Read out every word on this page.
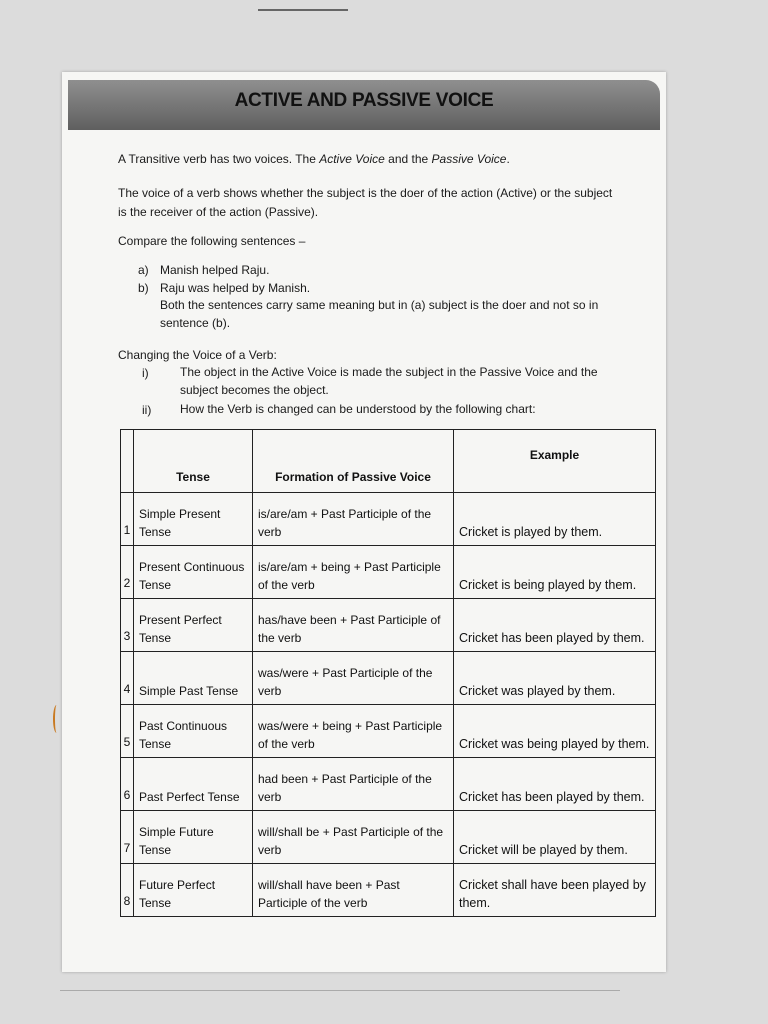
ACTIVE AND PASSIVE VOICE
A Transitive verb has two voices. The Active Voice and the Passive Voice.
The voice of a verb shows whether the subject is the doer of the action (Active) or the subject
is the receiver of the action (Passive).
Compare the following sentences –
a) Manish helped Raju.
b) Raju was helped by Manish.
Both the sentences carry same meaning but in (a) subject is the doer and not so in
sentence (b).
Changing the Voice of a Verb:
i)	The object in the Active Voice is made the subject in the Passive Voice and the
subject becomes the object.
ii) How the Verb is changed can be understood by the following chart:
	Tense	Formation of Passive Voice	Example
1	Simple Present Tense	is/are/am + Past Participle of the verb	Cricket is played by them.
2	Present Continuous Tense	is/are/am + being + Past Participle of the verb	Cricket is being played by them.
3	Present Perfect Tense	has/have been + Past Participle of the verb	Cricket has been played by them.
4	Simple Past Tense	was/were + Past Participle of the verb	Cricket was played by them.
5	Past Continuous Tense	was/were + being + Past Participle of the verb	Cricket was being played by them.
6	Past Perfect Tense	had been + Past Participle of the verb	Cricket has been played by them.
7	Simple Future Tense	will/shall be + Past Participle of the verb	Cricket will be played by them.
8	Future Perfect Tense	will/shall have been + Past Participle of the verb	Cricket shall have been played by them.
